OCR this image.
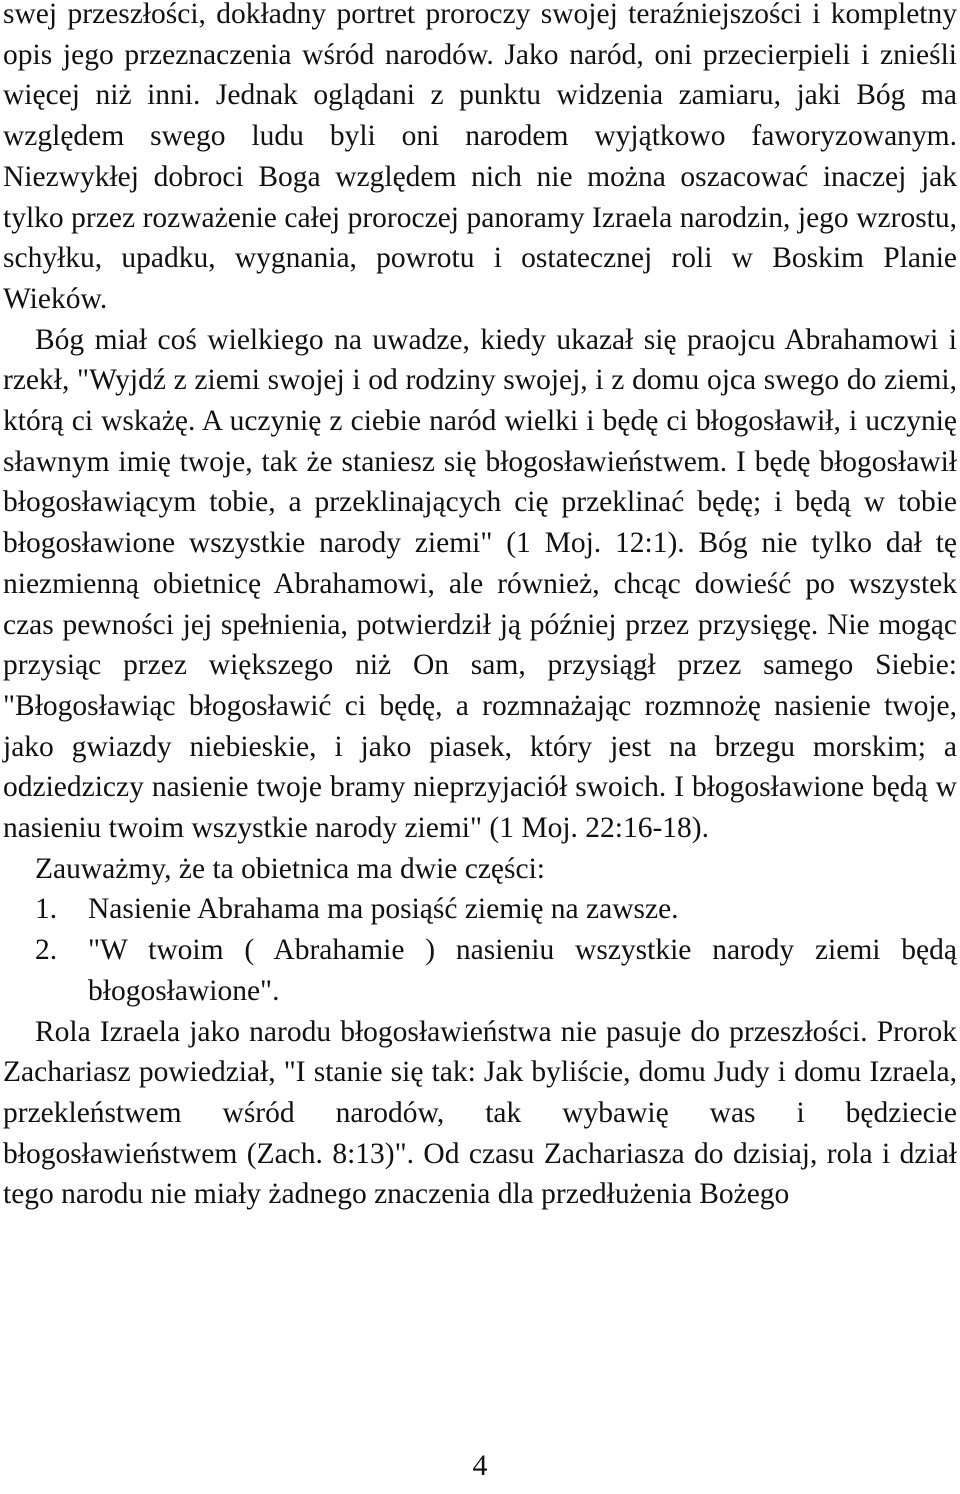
swej przeszłości, dokładny portret proroczy swojej teraźniejszości i kompletny opis jego przeznaczenia wśród narodów. Jako naród, oni przecierpieli i znieśli więcej niż inni. Jednak oglądani z punktu widzenia zamiaru, jaki Bóg ma względem swego ludu byli oni narodem wyjątkowo faworyzowanym. Niezwykłej dobroci Boga względem nich nie można oszacować inaczej jak tylko przez rozważenie całej proroczej panoramy Izraela narodzin, jego wzrostu, schyłku, upadku, wygnania, powrotu i ostatecznej roli w Boskim Planie Wieków.

Bóg miał coś wielkiego na uwadze, kiedy ukazał się praojcu Abrahamowi i rzekł, "Wyjdź z ziemi swojej i od rodziny swojej, i z domu ojca swego do ziemi, którą ci wskażę. A uczynię z ciebie naród wielki i będę ci błogosławił, i uczynię sławnym imię twoje, tak że staniesz się błogosławieństwem. I będę błogosławił błogosławiącym tobie, a przeklinających cię przeklinać będę; i będą w tobie błogosławione wszystkie narody ziemi" (1 Moj. 12:1). Bóg nie tylko dał tę niezmienną obietnicę Abrahamowi, ale również, chcąc dowieść po wszystek czas pewności jej spełnienia, potwierdził ją później przez przysięgę. Nie mogąc przysiąc przez większego niż On sam, przysiągł przez samego Siebie: "Błogosławiąc błogosławić ci będę, a rozmnażając rozmnożę nasienie twoje, jako gwiazdy niebieskie, i jako piasek, który jest na brzegu morskim; a odziedziczy nasienie twoje bramy nieprzyjaciół swoich. I błogosławione będą w nasieniu twoim wszystkie narody ziemi" (1 Moj. 22:16-18).

Zauważmy, że ta obietnica ma dwie części:

1. Nasienie Abrahama ma posiąść ziemię na zawsze.
2. "W twoim ( Abrahamie ) nasieniu wszystkie narody ziemi będą błogosławione".

Rola Izraela jako narodu błogosławieństwa nie pasuje do przeszłości. Prorok Zachariasz powiedział, "I stanie się tak: Jak byliście, domu Judy i domu Izraela, przekleństwem wśród narodów, tak wybawię was i będziecie błogosławieństwem (Zach. 8:13)". Od czasu Zachariasza do dzisiaj, rola i dział tego narodu nie miały żadnego znaczenia dla przedłużenia Bożego

4
